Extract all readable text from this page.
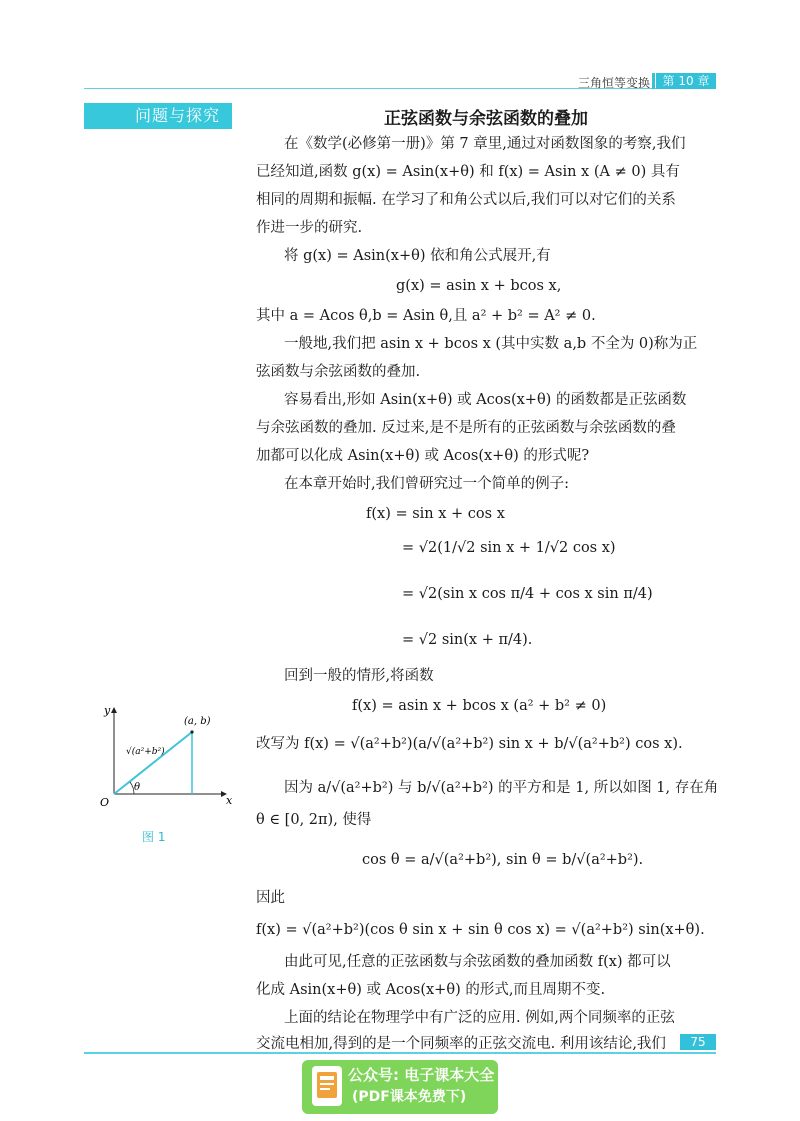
三角恒等变换	第 10 章
问题与探究	正弦函数与余弦函数的叠加
在《数学(必修第一册)》第 7 章里,通过对函数图象的考察,我们
已经知道,函数 g(x) = Asin(x+θ) 和 f(x) = Asin x (A ≠ 0) 具有
相同的周期和振幅. 在学习了和角公式以后,我们可以对它们的关系
作进一步的研究.
将 g(x) = Asin(x+θ) 依和角公式展开,有
g(x) = asin x + bcos x,
其中 a = Acos θ,b = Asin θ,且 a² + b² = A² ≠ 0.
一般地,我们把 asin x + bcos x (其中实数 a,b 不全为 0)称为正
弦函数与余弦函数的叠加.
容易看出,形如 Asin(x+θ) 或 Acos(x+θ) 的函数都是正弦函数
与余弦函数的叠加. 反过来,是不是所有的正弦函数与余弦函数的叠
加都可以化成 Asin(x+θ) 或 Acos(x+θ) 的形式呢?
在本章开始时,我们曾研究过一个简单的例子:
f(x) = sin x + cos x
= √2(1/√2 sin x + 1/√2 cos x)
= √2(sin x cos π/4 + cos x sin π/4)
= √2 sin(x + π/4).
回到一般的情形,将函数
f(x) = asin x + bcos x (a² + b² ≠ 0)
改写为 f(x) = √(a²+b²)(a/√(a²+b²) sin x + b/√(a²+b²) cos x).
因为 a/√(a²+b²) 与 b/√(a²+b²) 的平方和是 1, 所以如图 1, 存在角
θ ∈ [0, 2π), 使得
cos θ = a/√(a²+b²), sin θ = b/√(a²+b²).
因此
f(x) = √(a²+b²)(cos θ sin x + sin θ cos x) = √(a²+b²) sin(x+θ).
由此可见,任意的正弦函数与余弦函数的叠加函数 f(x) 都可以
化成 Asin(x+θ) 或 Acos(x+θ) 的形式,而且周期不变.
上面的结论在物理学中有广泛的应用. 例如,两个同频率的正弦
交流电相加,得到的是一个同频率的正弦交流电. 利用该结论,我们
y
x
O
(a, b)
√(a²+b²)
θ
图 1
75
公众号: 电子课本大全
(PDF课本免费下)
